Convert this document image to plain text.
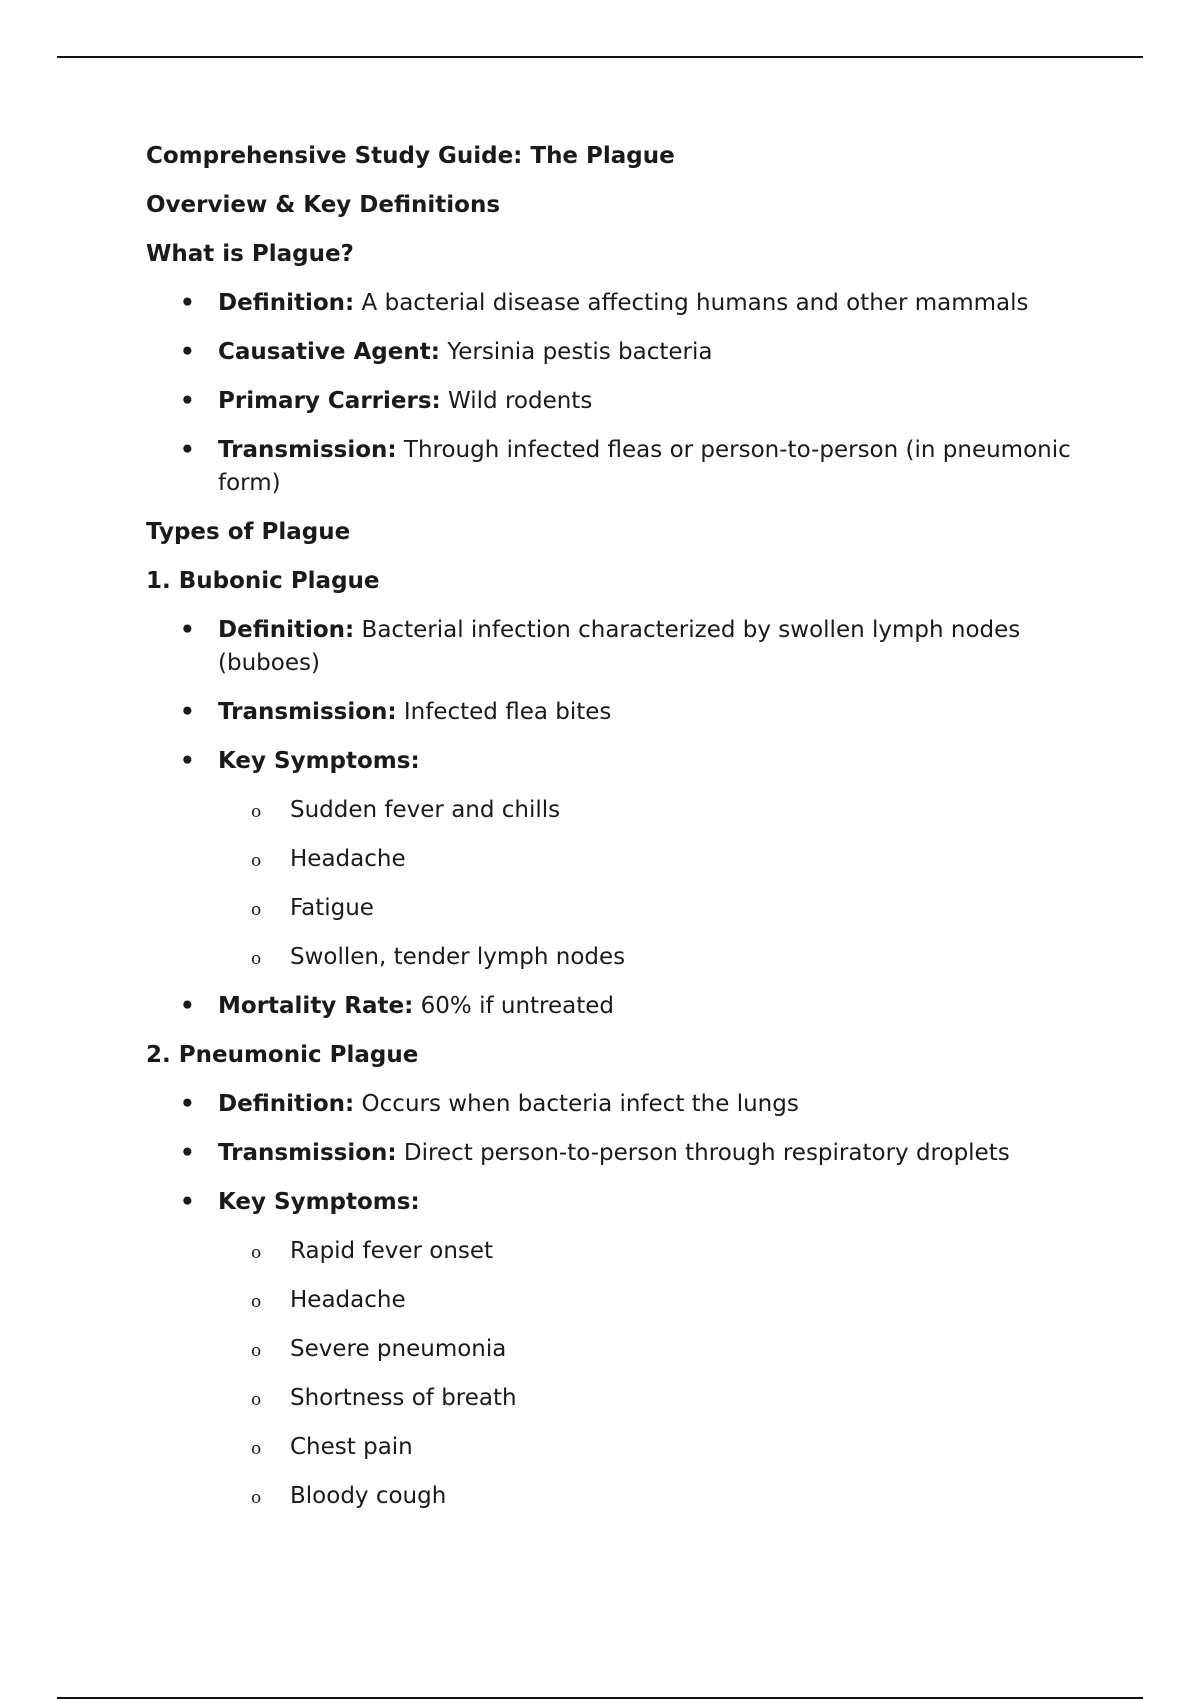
Comprehensive Study Guide: The Plague
Overview & Key Definitions
What is Plague?
• Definition: A bacterial disease affecting humans and other mammals
• Causative Agent: Yersinia pestis bacteria
• Primary Carriers: Wild rodents
• Transmission: Through infected fleas or person-to-person (in pneumonic form)
Types of Plague
1. Bubonic Plague
• Definition: Bacterial infection characterized by swollen lymph nodes (buboes)
• Transmission: Infected flea bites
• Key Symptoms:
o Sudden fever and chills
o Headache
o Fatigue
o Swollen, tender lymph nodes
• Mortality Rate: 60% if untreated
2. Pneumonic Plague
• Definition: Occurs when bacteria infect the lungs
• Transmission: Direct person-to-person through respiratory droplets
• Key Symptoms:
o Rapid fever onset
o Headache
o Severe pneumonia
o Shortness of breath
o Chest pain
o Bloody cough
